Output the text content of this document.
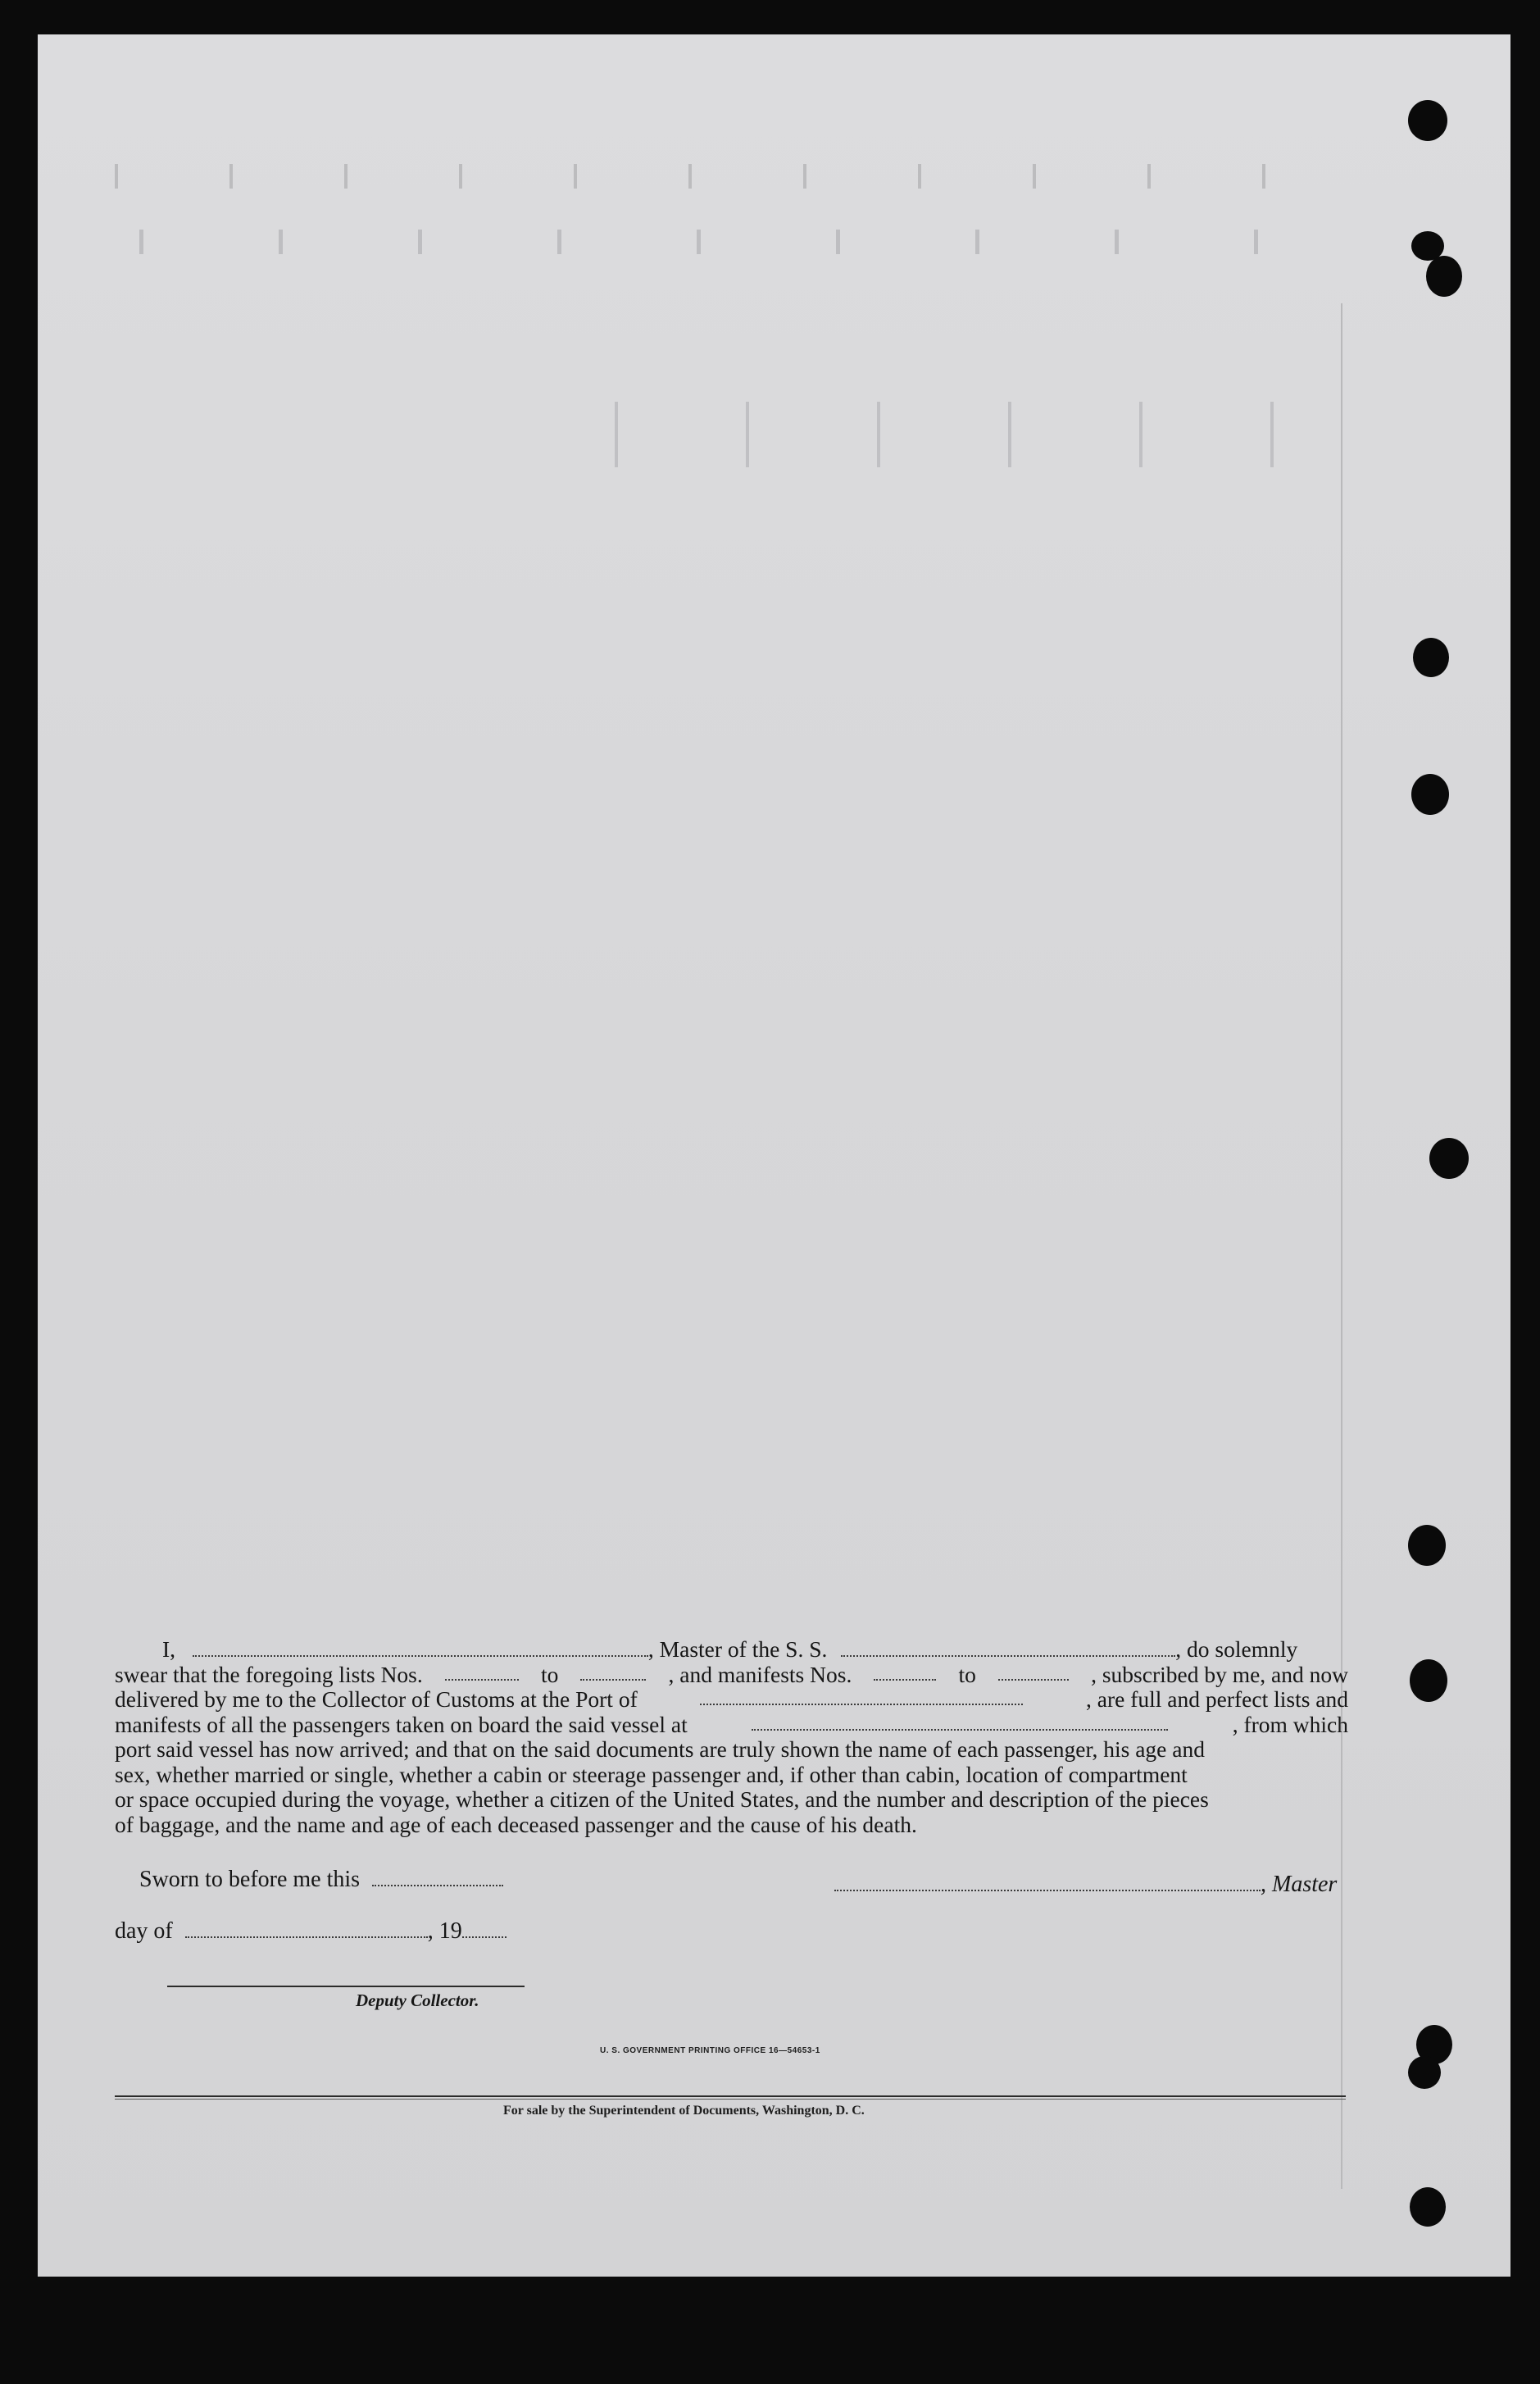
I,	, Master of the S. S.	, do solemnly
swear that the foregoing lists Nos.	to	, and manifests Nos.	to	, subscribed by me, and now
delivered by me to the Collector of Customs at the Port of	, are full and perfect lists and
manifests of all the passengers taken on board the said vessel at	, from which
port said vessel has now arrived; and that on the said documents are truly shown the name of each passenger, his age and
sex, whether married or single, whether a cabin or steerage passenger and, if other than cabin, location of compartment
or space occupied during the voyage, whether a citizen of the United States, and the number and description of the pieces
of baggage, and the name and age of each deceased passenger and the cause of his death.
Sworn to before me this	, Master
day of	, 19
Deputy Collector.
U. S. GOVERNMENT PRINTING OFFICE 16—54653-1
For sale by the Superintendent of Documents, Washington, D. C.
